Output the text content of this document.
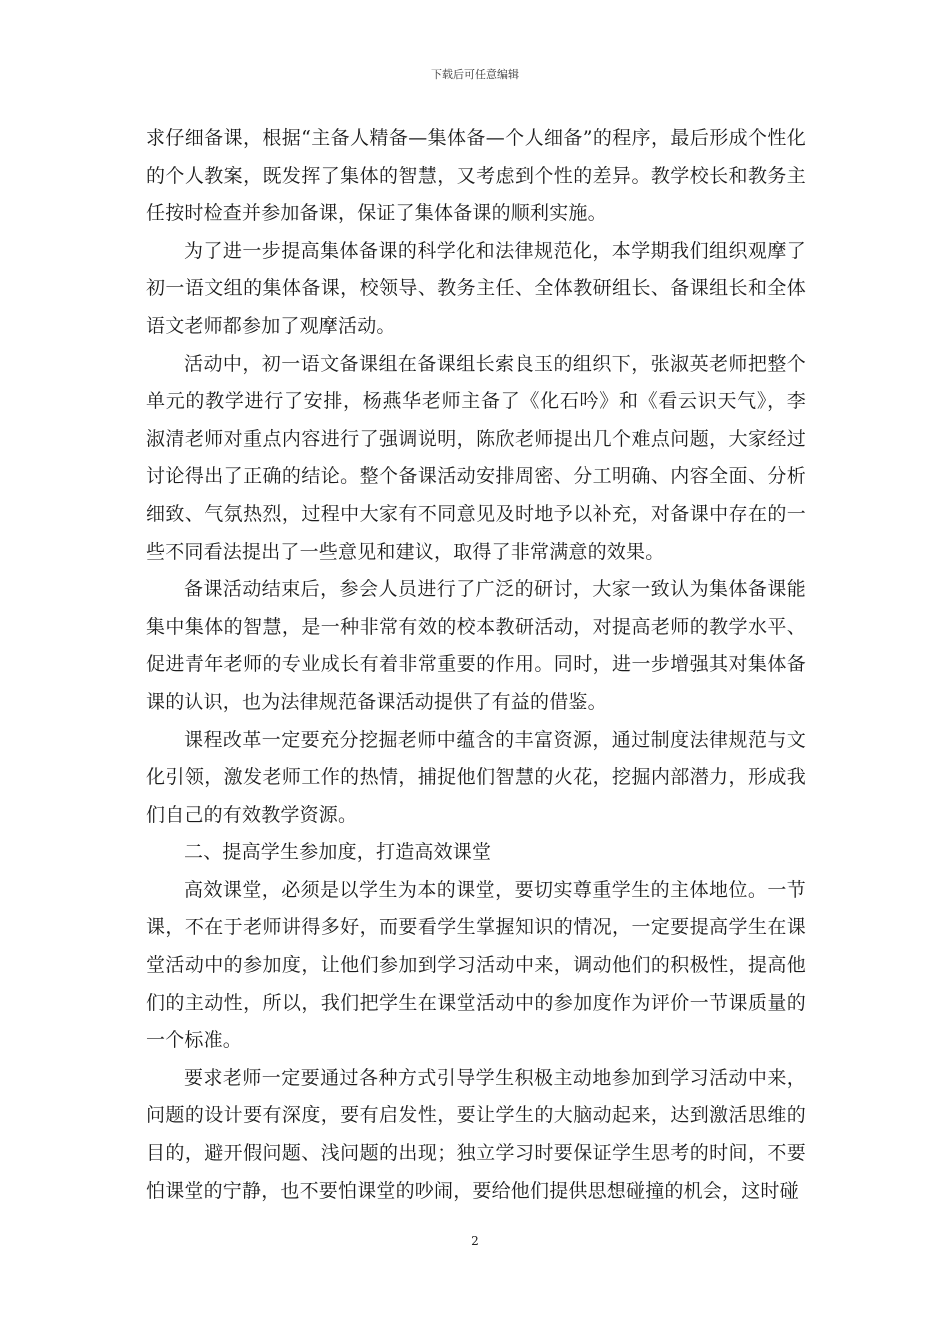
下载后可任意编辑

求仔细备课，根据“主备人精备—集体备—个人细备”的程序，最后形成个性化的个人教案，既发挥了集体的智慧，又考虑到个性的差异。教学校长和教务主任按时检查并参加备课，保证了集体备课的顺利实施。

为了进一步提高集体备课的科学化和法律规范化，本学期我们组织观摩了初一语文组的集体备课，校领导、教务主任、全体教研组长、备课组长和全体语文老师都参加了观摩活动。

活动中，初一语文备课组在备课组长索良玉的组织下，张淑英老师把整个单元的教学进行了安排，杨燕华老师主备了《化石吟》和《看云识天气》，李淑清老师对重点内容进行了强调说明，陈欣老师提出几个难点问题，大家经过讨论得出了正确的结论。整个备课活动安排周密、分工明确、内容全面、分析细致、气氛热烈，过程中大家有不同意见及时地予以补充，对备课中存在的一些不同看法提出了一些意见和建议，取得了非常满意的效果。

备课活动结束后，参会人员进行了广泛的研讨，大家一致认为集体备课能集中集体的智慧，是一种非常有效的校本教研活动，对提高老师的教学水平、促进青年老师的专业成长有着非常重要的作用。同时，进一步增强其对集体备课的认识，也为法律规范备课活动提供了有益的借鉴。

课程改革一定要充分挖掘老师中蕴含的丰富资源，通过制度法律规范与文化引领，激发老师工作的热情，捕捉他们智慧的火花，挖掘内部潜力，形成我们自己的有效教学资源。

二、提高学生参加度，打造高效课堂

高效课堂，必须是以学生为本的课堂，要切实尊重学生的主体地位。一节课，不在于老师讲得多好，而要看学生掌握知识的情况，一定要提高学生在课堂活动中的参加度，让他们参加到学习活动中来，调动他们的积极性，提高他们的主动性，所以，我们把学生在课堂活动中的参加度作为评价一节课质量的一个标准。

要求老师一定要通过各种方式引导学生积极主动地参加到学习活动中来，问题的设计要有深度，要有启发性，要让学生的大脑动起来，达到激活思维的目的，避开假问题、浅问题的出现；独立学习时要保证学生思考的时间，不要怕课堂的宁静，也不要怕课堂的吵闹，要给他们提供思想碰撞的机会，这时碰

2
